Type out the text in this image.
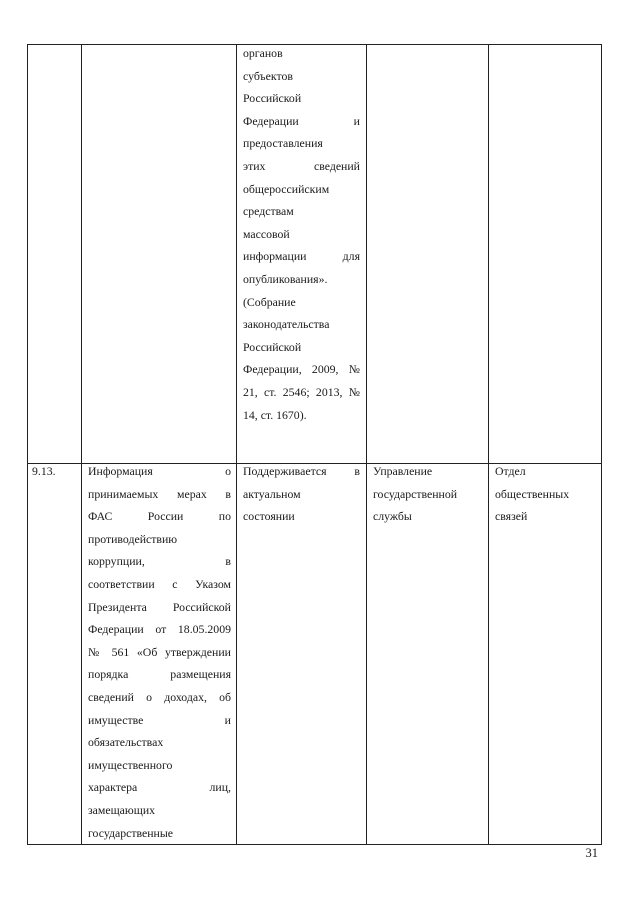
органов
субъектов
Российской
Федерации и
предоставления
этих сведений
общероссийским
средствам
массовой
информации для
опубликования».
(Собрание
законодательства
Российской
Федерации, 2009, №
21, ст. 2546; 2013, №
14, ст. 1670).
9.13.	Информация о
принимаемых мерах в
ФАС России по
противодействию
коррупции, в
соответствии с Указом
Президента Российской
Федерации от 18.05.2009
№ 561 «Об утверждении
порядка размещения
сведений о доходах, об
имуществе и
обязательствах
имущественного
характера лиц,
замещающих
государственные
Поддерживается в
актуальном
состоянии
Управление
государственной
службы
Отдел
общественных
связей
31
